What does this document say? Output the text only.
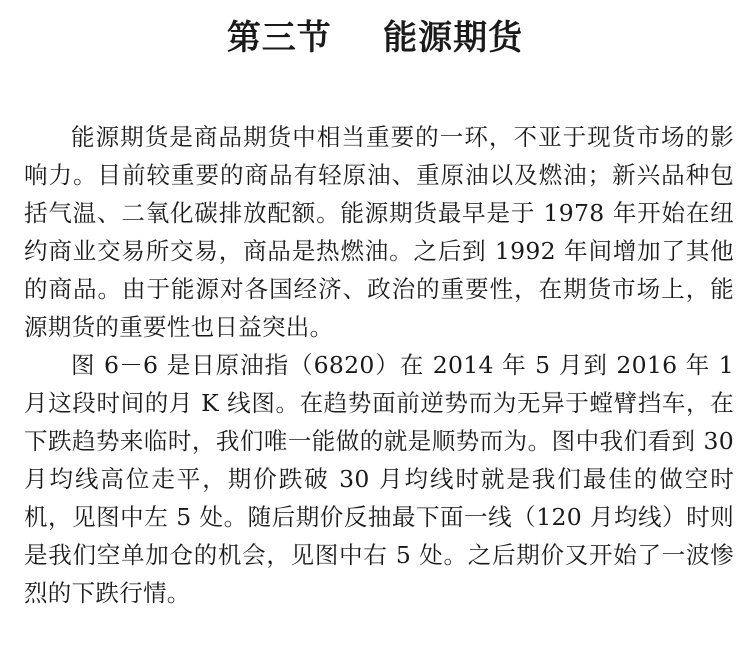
第三节    能源期货

能源期货是商品期货中相当重要的一环，不亚于现货市场的影响力。目前较重要的商品有轻原油、重原油以及燃油；新兴品种包括气温、二氧化碳排放配额。能源期货最早是于 1978 年开始在纽约商业交易所交易，商品是热燃油。之后到 1992 年间增加了其他的商品。由于能源对各国经济、政治的重要性，在期货市场上，能源期货的重要性也日益突出。

图 6－6 是日原油指（6820）在 2014 年 5 月到 2016 年 1 月这段时间的月 K 线图。在趋势面前逆势而为无异于螳臂挡车，在下跌趋势来临时，我们唯一能做的就是顺势而为。图中我们看到 30 月均线高位走平，期价跌破 30 月均线时就是我们最佳的做空时机，见图中左 5 处。随后期价反抽最下面一线（120 月均线）时则是我们空单加仓的机会，见图中右 5 处。之后期价又开始了一波惨烈的下跌行情。
